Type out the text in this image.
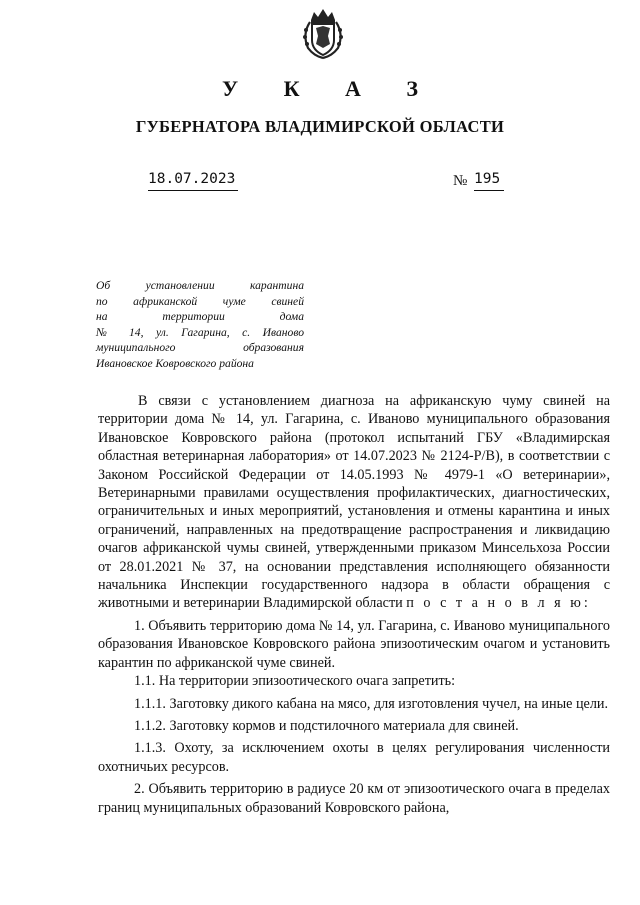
У К А З
ГУБЕРНАТОРА ВЛАДИМИРСКОЙ ОБЛАСТИ
18.07.2023	№ 195
Об установлении карантина
по африканской чуме свиней
на территории дома
№ 14, ул. Гагарина, с. Иваново
муниципального образования
Ивановское Ковровского района

В связи с установлением диагноза на африканскую чуму свиней на территории дома № 14, ул. Гагарина, с. Иваново муниципального образования Ивановское Ковровского района (протокол испытаний ГБУ «Владимирская областная ветеринарная лаборатория» от 14.07.2023 № 2124-Р/В), в соответствии с Законом Российской Федерации от 14.05.1993 № 4979-1 «О ветеринарии», Ветеринарными правилами осуществления профилактических, диагностических, ограничительных и иных мероприятий, установления и отмены карантина и иных ограничений, направленных на предотвращение распространения и ликвидацию очагов африканской чумы свиней, утвержденными приказом Минсельхоза России от 28.01.2021 № 37, на основании представления исполняющего обязанности начальника Инспекции государственного надзора в области обращения с животными и ветеринарии Владимирской области п о с т а н о в л я ю:

1. Объявить территорию дома № 14, ул. Гагарина, с. Иваново муниципального образования Ивановское Ковровского района эпизоотическим очагом и установить карантин по африканской чуме свиней.

1.1. На территории эпизоотического очага запретить:

1.1.1. Заготовку дикого кабана на мясо, для изготовления чучел, на иные цели.

1.1.2. Заготовку кормов и подстилочного материала для свиней.

1.1.3. Охоту, за исключением охоты в целях регулирования численности охотничьих ресурсов.

2. Объявить территорию в радиусе 20 км от эпизоотического очага в пределах границ муниципальных образований Ковровского района,
